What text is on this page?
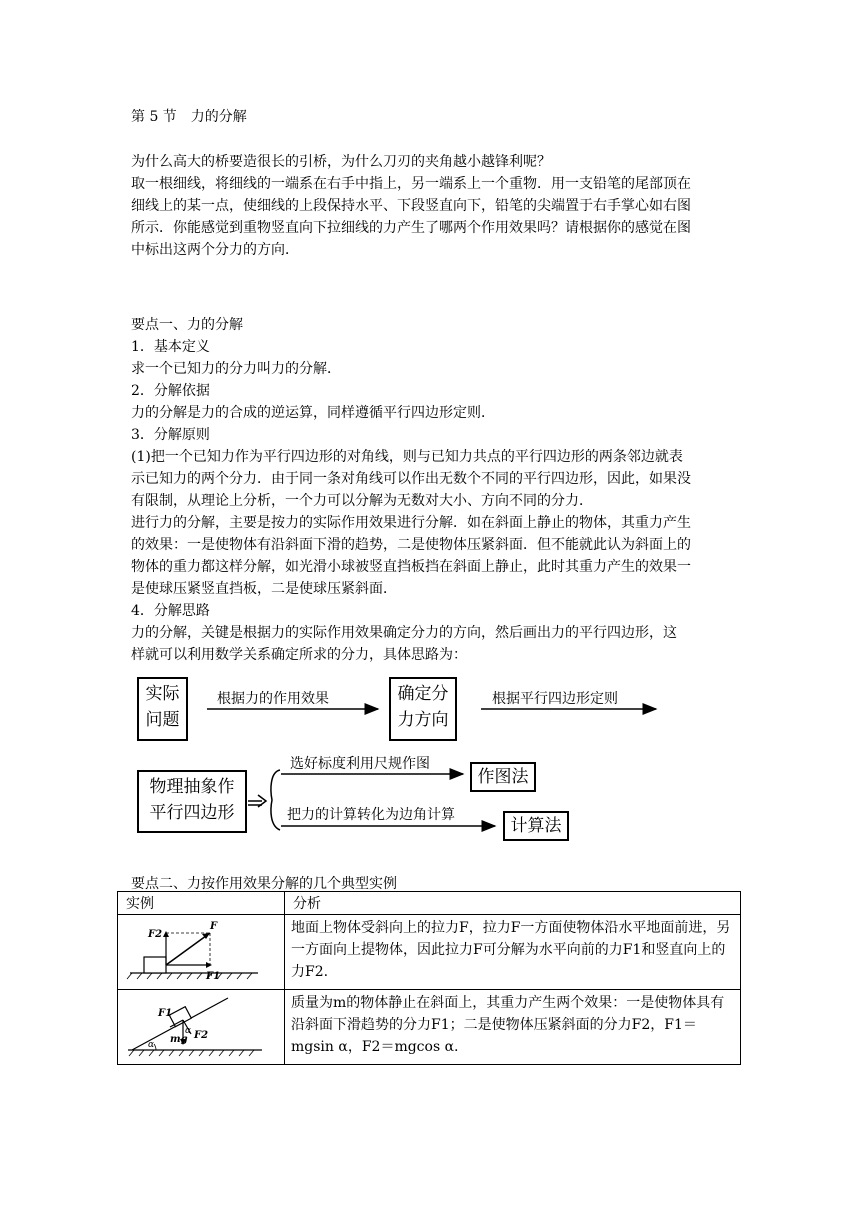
第 5 节　力的分解
为什么高大的桥要造很长的引桥，为什么刀刃的夹角越小越锋利呢？
取一根细线，将细线的一端系在右手中指上，另一端系上一个重物．用一支铅笔的尾部顶在
细线上的某一点，使细线的上段保持水平、下段竖直向下，铅笔的尖端置于右手掌心如右图
所示．你能感觉到重物竖直向下拉细线的力产生了哪两个作用效果吗？请根据你的感觉在图
中标出这两个分力的方向．
要点一、力的分解
1．基本定义
求一个已知力的分力叫力的分解．
2．分解依据
力的分解是力的合成的逆运算，同样遵循平行四边形定则．
3．分解原则
(1)把一个已知力作为平行四边形的对角线，则与已知力共点的平行四边形的两条邻边就表
示已知力的两个分力．由于同一条对角线可以作出无数个不同的平行四边形，因此，如果没
有限制，从理论上分析，一个力可以分解为无数对大小、方向不同的分力．
进行力的分解，主要是按力的实际作用效果进行分解．如在斜面上静止的物体，其重力产生
的效果：一是使物体有沿斜面下滑的趋势，二是使物体压紧斜面．但不能就此认为斜面上的
物体的重力都这样分解，如光滑小球被竖直挡板挡在斜面上静止，此时其重力产生的效果一
是使球压紧竖直挡板，二是使球压紧斜面．
4．分解思路
力的分解，关键是根据力的实际作用效果确定分力的方向，然后画出力的平行四边形，这
样就可以利用数学关系确定所求的分力，具体思路为：
实际
问题
根据力的作用效果	确定分
力方向
根据平行四边形定则
物理抽象作
平行四边形
选好标度利用尺规作图
作图法
把力的计算转化为边角计算
计算法
要点二、力按作用效果分解的几个典型实例
实例	分析

F2
F
F1	地面上物体受斜向上的拉力F，拉力F一方面使物体沿水平地面前进，另一方面向上提物体，因此拉力F可分解为水平向前的力F1和竖直向上的力F2.

F1
α F2
mg
α	质量为m的物体静止在斜面上，其重力产生两个效果：一是使物体具有沿斜面下滑趋势的分力F1；二是使物体压紧斜面的分力F2，F1＝mgsin α，F2＝mgcos α.
